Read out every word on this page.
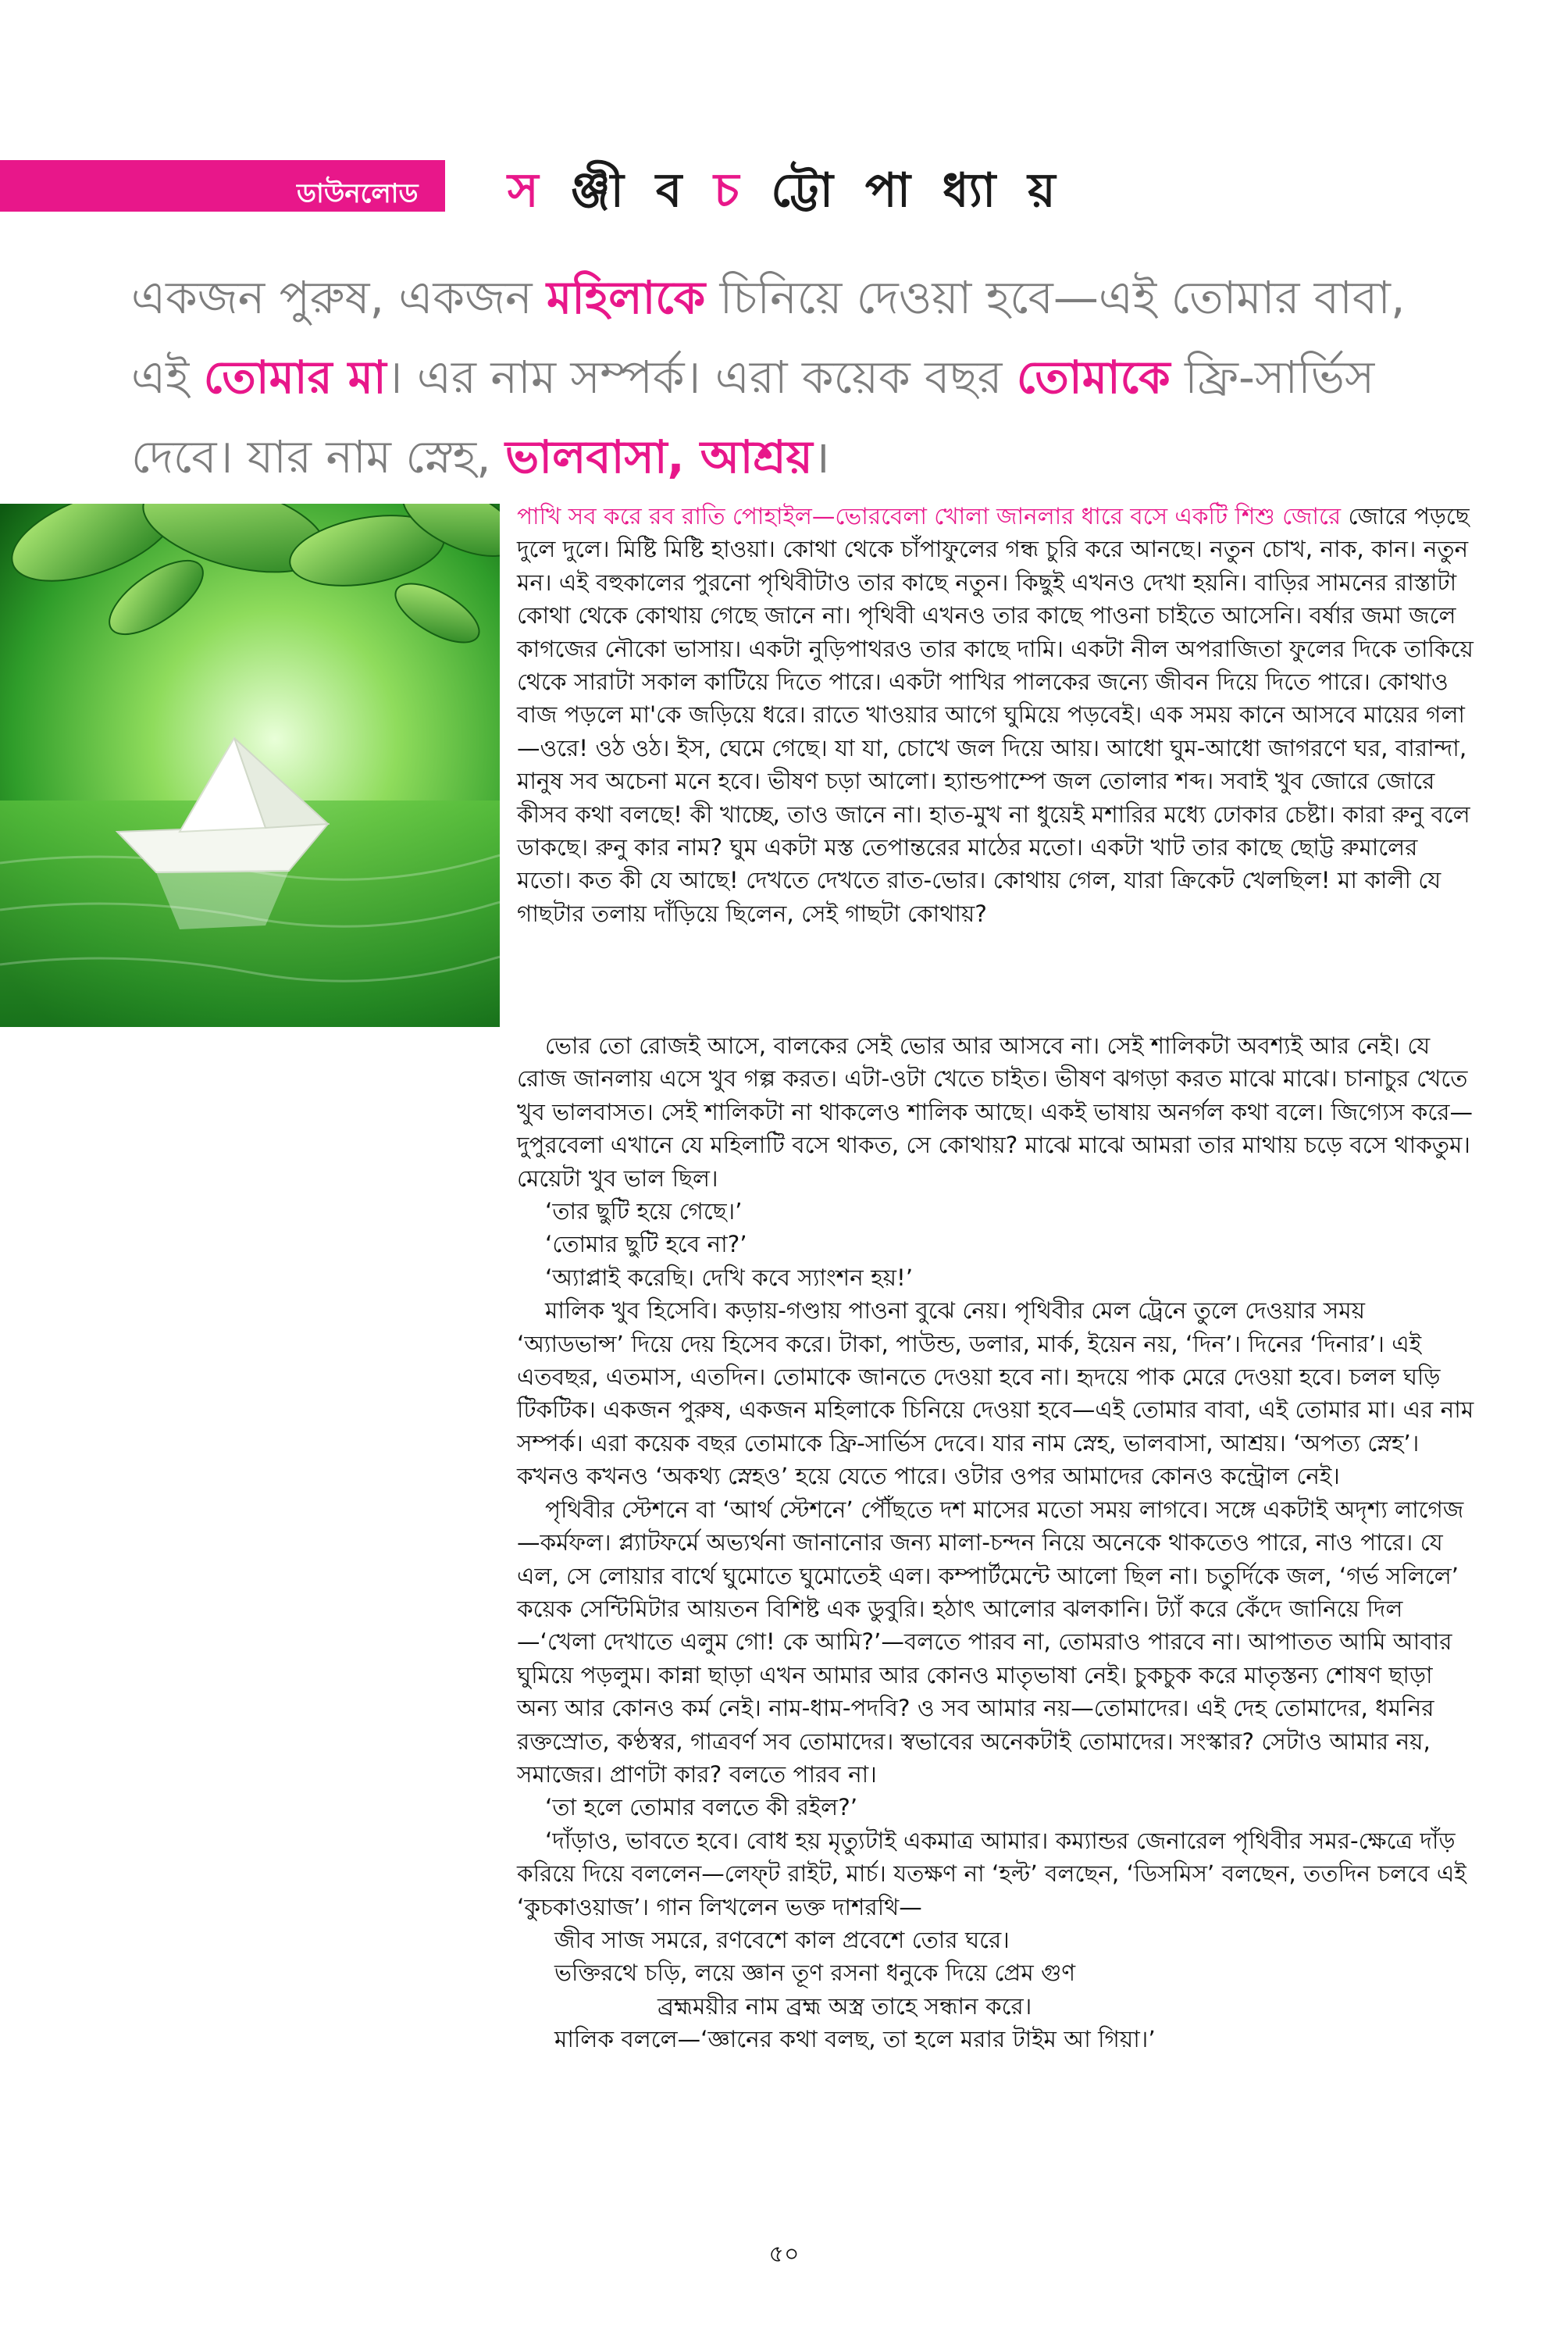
ডাউনলোড স ঞ্জী ব চ ট্টো পা ধ্যা য়
একজন পুরুষ, একজন মহিলাকে চিনিয়ে দেওয়া হবে—এই তোমার বাবা, এই তোমার মা। এর নাম সম্পর্ক। এরা কয়েক বছর তোমাকে ফ্রি-সার্ভিস দেবে। যার নাম স্নেহ, ভালবাসা, আশ্রয়।
পাখি সব করে রব রাতি পোহাইল—ভোরবেলা খোলা জানলার ধারে বসে একটি শিশু জোরে জোরে পড়ছে দুলে দুলে। মিষ্টি মিষ্টি হাওয়া। কোথা থেকে চাঁপাফুলের গন্ধ চুরি করে আনছে। নতুন চোখ, নাক, কান। নতুন মন। এই বহুকালের পুরনো পৃথিবীটাও তার কাছে নতুন। কিছুই এখনও দেখা হয়নি। বাড়ির সামনের রাস্তাটা কোথা থেকে কোথায় গেছে জানে না। পৃথিবী এখনও তার কাছে পাওনা চাইতে আসেনি। বর্ষার জমা জলে কাগজের নৌকো ভাসায়। একটা নুড়িপাথরও তার কাছে দামি। একটা নীল অপরাজিতা ফুলের দিকে তাকিয়ে থেকে সারাটা সকাল কাটিয়ে দিতে পারে। একটা পাখির পালকের জন্যে জীবন দিয়ে দিতে পারে। কোথাও বাজ পড়লে মা'কে জড়িয়ে ধরে। রাতে খাওয়ার আগে ঘুমিয়ে পড়বেই। এক সময় কানে আসবে মায়ের গলা—ওরে! ওঠ ওঠ। ইস, ঘেমে গেছে। যা যা, চোখে জল দিয়ে আয়। আধো ঘুম-আধো জাগরণে ঘর, বারান্দা, মানুষ সব অচেনা মনে হবে। ভীষণ চড়া আলো। হ্যান্ডপাম্পে জল তোলার শব্দ। সবাই খুব জোরে জোরে কীসব কথা বলছে! কী খাচ্ছে, তাও জানে না। হাত-মুখ না ধুয়েই মশারির মধ্যে ঢোকার চেষ্টা। কারা রুনু বলে ডাকছে। রুনু কার নাম? ঘুম একটা মস্ত তেপান্তরের মাঠের মতো। একটা খাট তার কাছে ছোট্ট রুমালের মতো। কত কী যে আছে! দেখতে দেখতে রাত-ভোর। কোথায় গেল, যারা ক্রিকেট খেলছিল! মা কালী যে গাছটার তলায় দাঁড়িয়ে ছিলেন, সেই গাছটা কোথায়?

ভোর তো রোজই আসে, বালকের সেই ভোর আর আসবে না। সেই শালিকটা অবশ্যই আর নেই। যে রোজ জানলায় এসে খুব গল্প করত। এটা-ওটা খেতে চাইত। ভীষণ ঝগড়া করত মাঝে মাঝে। চানাচুর খেতে খুব ভালবাসত। সেই শালিকটা না থাকলেও শালিক আছে। একই ভাষায় অনর্গল কথা বলে। জিগ্যেস করে—দুপুরবেলা এখানে যে মহিলাটি বসে থাকত, সে কোথায়? মাঝে মাঝে আমরা তার মাথায় চড়ে বসে থাকতুম। মেয়েটা খুব ভাল ছিল।

‘তার ছুটি হয়ে গেছে।’

‘তোমার ছুটি হবে না?’

‘অ্যাপ্লাই করেছি। দেখি কবে স্যাংশন হয়!’

মালিক খুব হিসেবি। কড়ায়-গণ্ডায় পাওনা বুঝে নেয়। পৃথিবীর মেল ট্রেনে তুলে দেওয়ার সময় ‘অ্যাডভান্স’ দিয়ে দেয় হিসেব করে। টাকা, পাউন্ড, ডলার, মার্ক, ইয়েন নয়, ‘দিন’। দিনের ‘দিনার’। এই এতবছর, এতমাস, এতদিন। তোমাকে জানতে দেওয়া হবে না। হৃদয়ে পাক মেরে দেওয়া হবে। চলল ঘড়ি টিকটিক। একজন পুরুষ, একজন মহিলাকে চিনিয়ে দেওয়া হবে—এই তোমার বাবা, এই তোমার মা। এর নাম সম্পর্ক। এরা কয়েক বছর তোমাকে ফ্রি-সার্ভিস দেবে। যার নাম স্নেহ, ভালবাসা, আশ্রয়। ‘অপত্য স্নেহ’। কখনও কখনও ‘অকথ্য স্নেহও’ হয়ে যেতে পারে। ওটার ওপর আমাদের কোনও কন্ট্রোল নেই।

পৃথিবীর স্টেশনে বা ‘আর্থ স্টেশনে’ পৌঁছতে দশ মাসের মতো সময় লাগবে। সঙ্গে একটাই অদৃশ্য লাগেজ—কর্মফল। প্ল্যাটফর্মে অভ্যর্থনা জানানোর জন্য মালা-চন্দন নিয়ে অনেকে থাকতেও পারে, নাও পারে। যে এল, সে লোয়ার বার্থে ঘুমোতে ঘুমোতেই এল। কম্পার্টমেন্টে আলো ছিল না। চতুর্দিকে জল, ‘গর্ভ সলিলে’ কয়েক সেন্টিমিটার আয়তন বিশিষ্ট এক ডুবুরি। হঠাৎ আলোর ঝলকানি। ট্যাঁ করে কেঁদে জানিয়ে দিল—‘খেলা দেখাতে এলুম গো! কে আমি?’—বলতে পারব না, তোমরাও পারবে না। আপাতত আমি আবার ঘুমিয়ে পড়লুম। কান্না ছাড়া এখন আমার আর কোনও মাতৃভাষা নেই। চুকচুক করে মাতৃস্তন্য শোষণ ছাড়া অন্য আর কোনও কর্ম নেই। নাম-ধাম-পদবি? ও সব আমার নয়—তোমাদের। এই দেহ তোমাদের, ধমনির রক্তস্রোত, কণ্ঠস্বর, গাত্রবর্ণ সব তোমাদের। স্বভাবের অনেকটাই তোমাদের। সংস্কার? সেটাও আমার নয়, সমাজের। প্রাণটা কার? বলতে পারব না।

‘তা হলে তোমার বলতে কী রইল?’

‘দাঁড়াও, ভাবতে হবে। বোধ হয় মৃত্যুটাই একমাত্র আমার। কম্যান্ডর জেনারেল পৃথিবীর সমর-ক্ষেত্রে দাঁড় করিয়ে দিয়ে বললেন—লেফ্‌ট রাইট, মার্চ। যতক্ষণ না ‘হল্ট’ বলছেন, ‘ডিসমিস’ বলছেন, ততদিন চলবে এই ‘কুচকাওয়াজ’। গান লিখলেন ভক্ত দাশরথি—

জীব সাজ সমরে, রণবেশে কাল প্রবেশে তোর ঘরে।

ভক্তিরথে চড়ি, লয়ে জ্ঞান তূণ রসনা ধনুকে দিয়ে প্রেম গুণ

ব্রহ্মময়ীর নাম ব্রহ্ম অস্ত্র তাহে সন্ধান করে।

মালিক বললে—‘জ্ঞানের কথা বলছ, তা হলে মরার টাইম আ গিয়া।’

৫০
